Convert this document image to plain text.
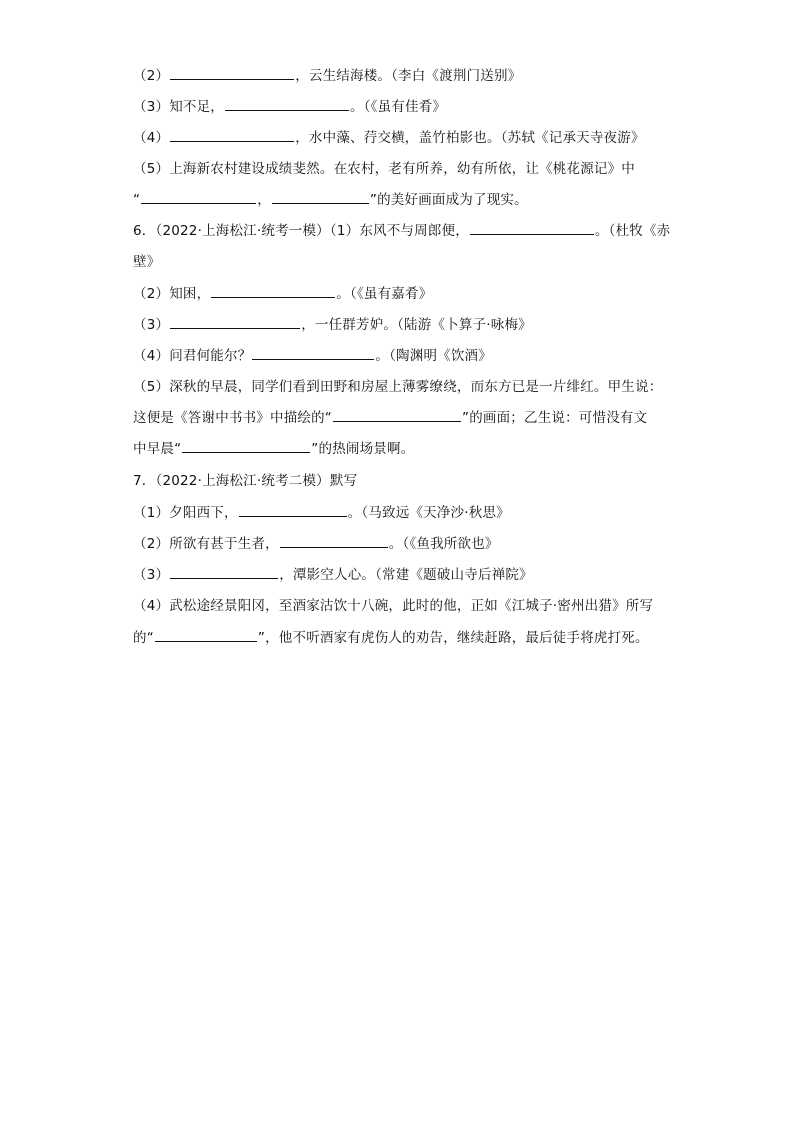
（2）	，云生结海楼。（李白《渡荆门送别》
（3）知不足，	。（《虽有佳肴》
（4）	，水中藻、荇交横，盖竹柏影也。（苏轼《记承天寺夜游》
（5）上海新农村建设成绩斐然。在农村，老有所养，幼有所依，让《桃花源记》中
“	，	”的美好画面成为了现实。
6．（2022·上海松江·统考一模）（1）东风不与周郎便，	。（杜牧《赤
壁》
（2）知困，	。（《虽有嘉肴》
（3）	，一任群芳妒。（陆游《卜算子·咏梅》
（4）问君何能尔？	。（陶渊明《饮酒》
（5）深秋的早晨，同学们看到田野和房屋上薄雾缭绕，而东方已是一片绯红。甲生说：
这便是《答谢中书书》中描绘的“	”的画面；乙生说：可惜没有文
中早晨“	”的热闹场景啊。
7．（2022·上海松江·统考二模）默写
（1）夕阳西下，	。（马致远《天净沙·秋思》
（2）所欲有甚于生者，	。（《鱼我所欲也》
（3）	，潭影空人心。（常建《题破山寺后禅院》
（4）武松途经景阳冈，至酒家沽饮十八碗，此时的他，正如《江城子·密州出猎》所写
的“	”，他不听酒家有虎伤人的劝告，继续赶路，最后徒手将虎打死。
